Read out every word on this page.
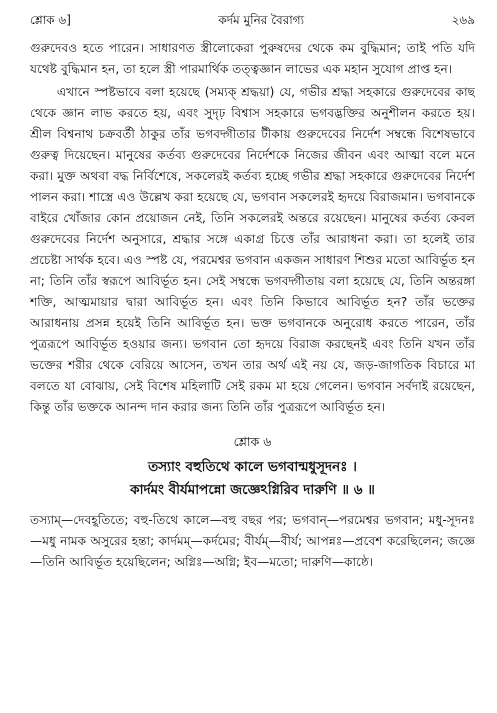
শ্লোক ৬]	কর্দম মুনির বৈরাগ্য	২৬৯

গুরুদেবও হতে পারেন। সাধারণত স্ত্রীলোকেরা পুরুষদের থেকে কম বুদ্ধিমান; তাই পতি যদি যথেষ্ট বুদ্ধিমান হন, তা হলে স্ত্রী পারমার্থিক তত্ত্বজ্ঞান লাভের এক মহান সুযোগ প্রাপ্ত হন।

এখানে স্পষ্টভাবে বলা হয়েছে (সম্যক্ শ্রদ্ধয়া) যে, গভীর শ্রদ্ধা সহকারে গুরুদেবের কাছ থেকে জ্ঞান লাভ করতে হয়, এবং সুদৃঢ় বিশ্বাস সহকারে ভগবদ্ভক্তির অনুশীলন করতে হয়। শ্রীল বিশ্বনাথ চক্রবর্তী ঠাকুর তাঁর ভগবদ্গীতার টীকায় গুরুদেবের নির্দেশ সম্বন্ধে বিশেষভাবে গুরুত্ব দিয়েছেন। মানুষের কর্তব্য গুরুদেবের নির্দেশকে নিজের জীবন এবং আত্মা বলে মনে করা। মুক্ত অথবা বদ্ধ নির্বিশেষে, সকলেরই কর্তব্য হচ্ছে গভীর শ্রদ্ধা সহকারে গুরুদেবের নির্দেশ পালন করা। শাস্ত্রে এও উল্লেখ করা হয়েছে যে, ভগবান সকলেরই হৃদয়ে বিরাজমান। ভগবানকে বাইরে খোঁজার কোন প্রয়োজন নেই, তিনি সকলেরই অন্তরে রয়েছেন। মানুষের কর্তব্য কেবল গুরুদেবের নির্দেশ অনুসারে, শ্রদ্ধার সঙ্গে একাগ্র চিত্তে তাঁর আরাধনা করা। তা হলেই তার প্রচেষ্টা সার্থক হবে। এও স্পষ্ট যে, পরমেশ্বর ভগবান একজন সাধারণ শিশুর মতো আবির্ভূত হন না; তিনি তাঁর স্বরূপে আবির্ভূত হন। সেই সম্বন্ধে ভগবদ্গীতায় বলা হয়েছে যে, তিনি অন্তরঙ্গা শক্তি, আত্মমায়ার দ্বারা আবির্ভূত হন। এবং তিনি কিভাবে আবির্ভূত হন? তাঁর ভক্তের আরাধনায় প্রসন্ন হয়েই তিনি আবির্ভূত হন। ভক্ত ভগবানকে অনুরোধ করতে পারেন, তাঁর পুত্ররূপে আবির্ভূত হওয়ার জন্য। ভগবান তো হৃদয়ে বিরাজ করছেনই এবং তিনি যখন তাঁর ভক্তের শরীর থেকে বেরিয়ে আসেন, তখন তার অর্থ এই নয় যে, জড়-জাগতিক বিচারে মা বলতে যা বোঝায়, সেই বিশেষ মহিলাটি সেই রকম মা হয়ে গেলেন। ভগবান সর্বদাই রয়েছেন, কিন্তু তাঁর ভক্তকে আনন্দ দান করার জন্য তিনি তাঁর পুত্ররূপে আবির্ভূত হন।

শ্লোক ৬
তস্যাং বহুতিথে কালে ভগবান্মধুসূদনঃ ।
কার্দমং বীর্যমাপন্নো জজ্ঞেঽগ্নিরিব দারুণি ॥ ৬ ॥
তস্যাম্—দেবহূতিতে; বহু-তিথে কালে—বহু বছর পর; ভগবান্—পরমেশ্বর ভগবান; মধু-সূদনঃ—মধু নামক অসুরের হন্তা; কার্দমম্—কর্দমের; বীর্যম্—বীর্য; আপন্নঃ—প্রবেশ করেছিলেন; জজ্ঞে—তিনি আবির্ভূত হয়েছিলেন; অগ্নিঃ—অগ্নি; ইব—মতো; দারুণি—কাষ্ঠে।
